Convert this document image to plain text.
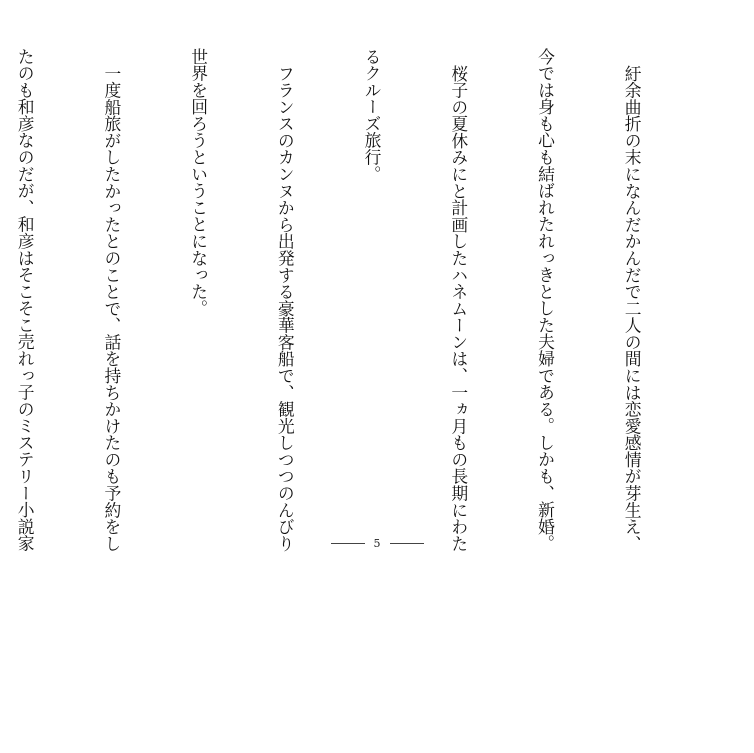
紆余曲折の末になんだかんだで二人の間には恋愛感情が芽生え、

今では身も心も結ばれたれっきとした夫婦である。しかも、新婚。

桜子の夏休みにと計画したハネムーンは、一ヵ月もの長期にわた

るクルーズ旅行。

フランスのカンヌから出発する豪華客船で、観光しつつのんびり

世界を回ろうということになった。

一度船旅がしたかったとのことで、話を持ちかけたのも予約をし

たのも和彦なのだが、和彦はそこそこ売れっ子のミステリー小説家

	5
